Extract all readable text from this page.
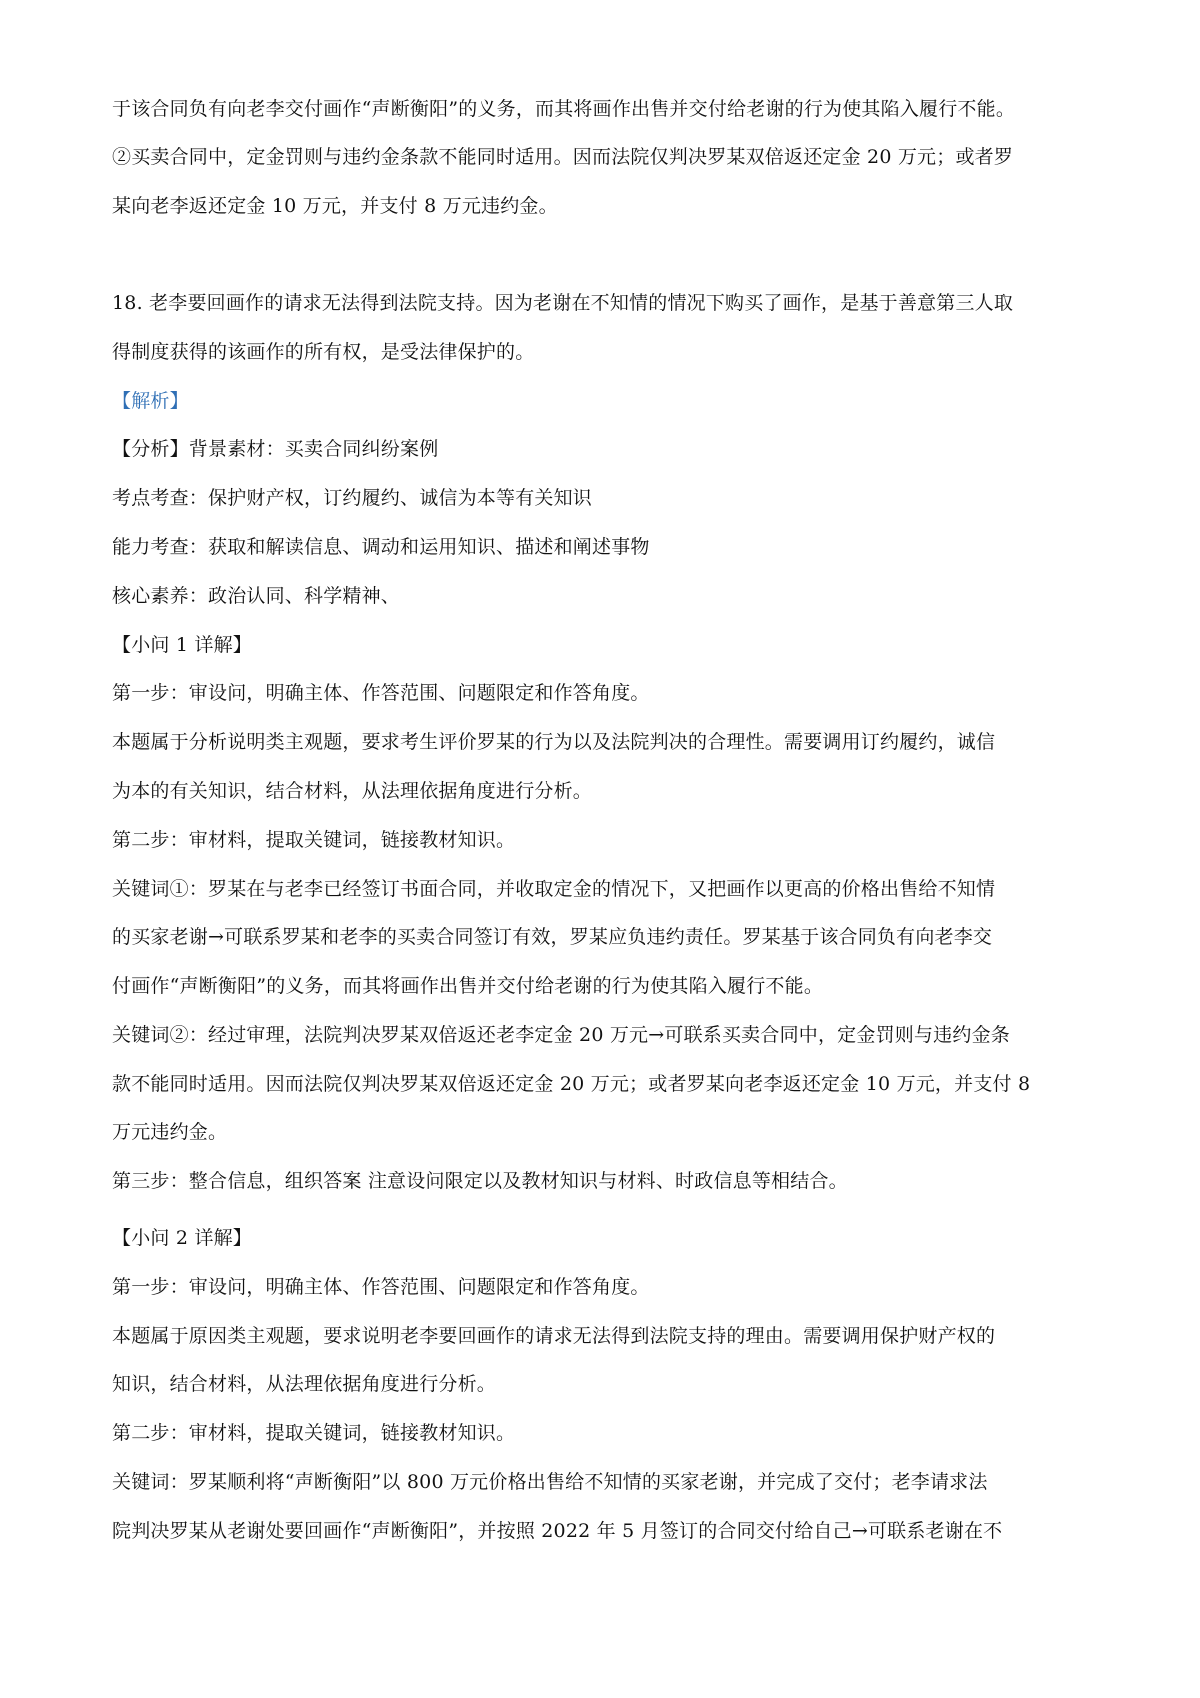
于该合同负有向老李交付画作“声断衡阳”的义务，而其将画作出售并交付给老谢的行为使其陷入履行不能。
②买卖合同中，定金罚则与违约金条款不能同时适用。因而法院仅判决罗某双倍返还定金 20 万元；或者罗
某向老李返还定金 10 万元，并支付 8 万元违约金。
18. 老李要回画作的请求无法得到法院支持。因为老谢在不知情的情况下购买了画作，是基于善意第三人取
得制度获得的该画作的所有权，是受法律保护的。
【解析】
【分析】背景素材：买卖合同纠纷案例
考点考查：保护财产权，订约履约、诚信为本等有关知识
能力考查：获取和解读信息、调动和运用知识、描述和阐述事物
核心素养：政治认同、科学精神、
【小问 1 详解】
第一步：审设问，明确主体、作答范围、问题限定和作答角度。
本题属于分析说明类主观题，要求考生评价罗某的行为以及法院判决的合理性。需要调用订约履约，诚信
为本的有关知识，结合材料，从法理依据角度进行分析。
第二步：审材料，提取关键词，链接教材知识。
关键词①：罗某在与老李已经签订书面合同，并收取定金的情况下，又把画作以更高的价格出售给不知情
的买家老谢→可联系罗某和老李的买卖合同签订有效，罗某应负违约责任。罗某基于该合同负有向老李交
付画作“声断衡阳”的义务，而其将画作出售并交付给老谢的行为使其陷入履行不能。
关键词②：经过审理，法院判决罗某双倍返还老李定金 20 万元→可联系买卖合同中，定金罚则与违约金条
款不能同时适用。因而法院仅判决罗某双倍返还定金 20 万元；或者罗某向老李返还定金 10 万元，并支付 8
万元违约金。
第三步：整合信息，组织答案 注意设问限定以及教材知识与材料、时政信息等相结合。
【小问 2 详解】
第一步：审设问，明确主体、作答范围、问题限定和作答角度。
本题属于原因类主观题，要求说明老李要回画作的请求无法得到法院支持的理由。需要调用保护财产权的
知识，结合材料，从法理依据角度进行分析。
第二步：审材料，提取关键词，链接教材知识。
关键词：罗某顺利将“声断衡阳”以 800 万元价格出售给不知情的买家老谢，并完成了交付；老李请求法
院判决罗某从老谢处要回画作“声断衡阳”，并按照 2022 年 5 月签订的合同交付给自己→可联系老谢在不
